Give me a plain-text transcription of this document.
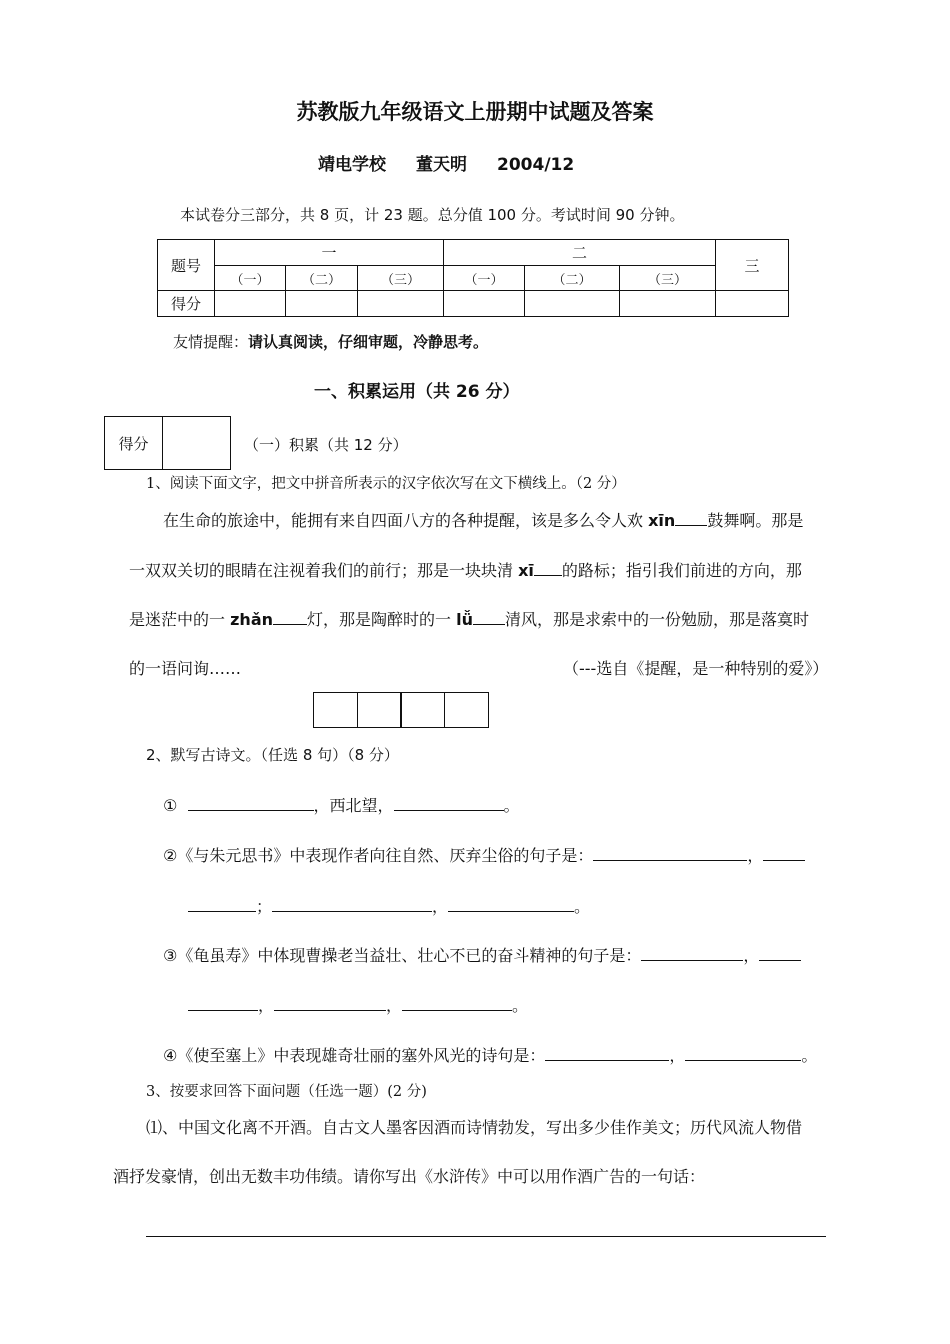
苏教版九年级语文上册期中试题及答案
靖电学校 董天明 2004/12
本试卷分三部分，共 8 页，计 23 题。总分值 100 分。考试时间 90 分钟。
题号	一			二			三
	（一）	（二）	（三）	（一）	（二）	（三）	
得分							
友情提醒：请认真阅读，仔细审题，冷静思考。
一、积累运用（共 26 分）
得分	（一）积累（共 12 分）
1、阅读下面文字，把文中拼音所表示的汉字依次写在文下横线上。（2 分）
在生命的旅途中，能拥有来自四面八方的各种提醒，该是多么令人欢 xīn 鼓舞啊。那是
一双双关切的眼睛在注视着我们的前行；那是一块块清 xī 的路标；指引我们前进的方向，那
是迷茫中的一 zhǎn 灯，那是陶醉时的一 lǚ 清风，那是求索中的一份勉励，那是落寞时
的一语问询……	（---选自《提醒，是一种特别的爱》）
2、默写古诗文。（任选 8 句）（8 分）
①	，西北望，	。
②《与朱元思书》中表现作者向往自然、厌弃尘俗的句子是：	，
；	，	。
③《龟虽寿》中体现曹操老当益壮、壮心不已的奋斗精神的句子是：	，
，	，	。
④《使至塞上》中表现雄奇壮丽的塞外风光的诗句是：	，	。
3、按要求回答下面问题（任选一题）(2 分)
⑴、中国文化离不开酒。自古文人墨客因酒而诗情勃发，写出多少佳作美文；历代风流人物借
酒抒发豪情，创出无数丰功伟绩。请你写出《水浒传》中可以用作酒广告的一句话：
